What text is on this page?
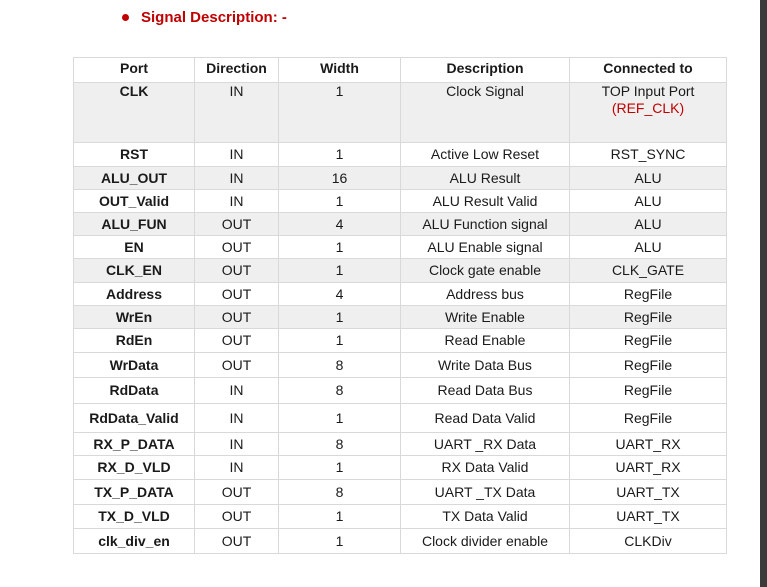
Signal Description: -
Port	Direction	Width	Description	Connected to
CLK	IN	1	Clock Signal	TOP Input Port
(REF_CLK)

RST	IN	1	Active Low Reset	RST_SYNC
ALU_OUT	IN	16	ALU Result	ALU
OUT_Valid	IN	1	ALU Result Valid	ALU
ALU_FUN	OUT	4	ALU Function signal	ALU
EN	OUT	1	ALU Enable signal	ALU
CLK_EN	OUT	1	Clock gate enable	CLK_GATE
Address	OUT	4	Address bus	RegFile
WrEn	OUT	1	Write Enable	RegFile
RdEn	OUT	1	Read Enable	RegFile
WrData	OUT	8	Write Data Bus	RegFile
RdData	IN	8	Read Data Bus	RegFile
RdData_Valid	IN	1	Read Data Valid	RegFile
RX_P_DATA	IN	8	UART _RX Data	UART_RX
RX_D_VLD	IN	1	RX Data Valid	UART_RX
TX_P_DATA	OUT	8	UART _TX Data	UART_TX
TX_D_VLD	OUT	1	TX Data Valid	UART_TX
clk_div_en	OUT	1	Clock divider enable	CLKDiv
